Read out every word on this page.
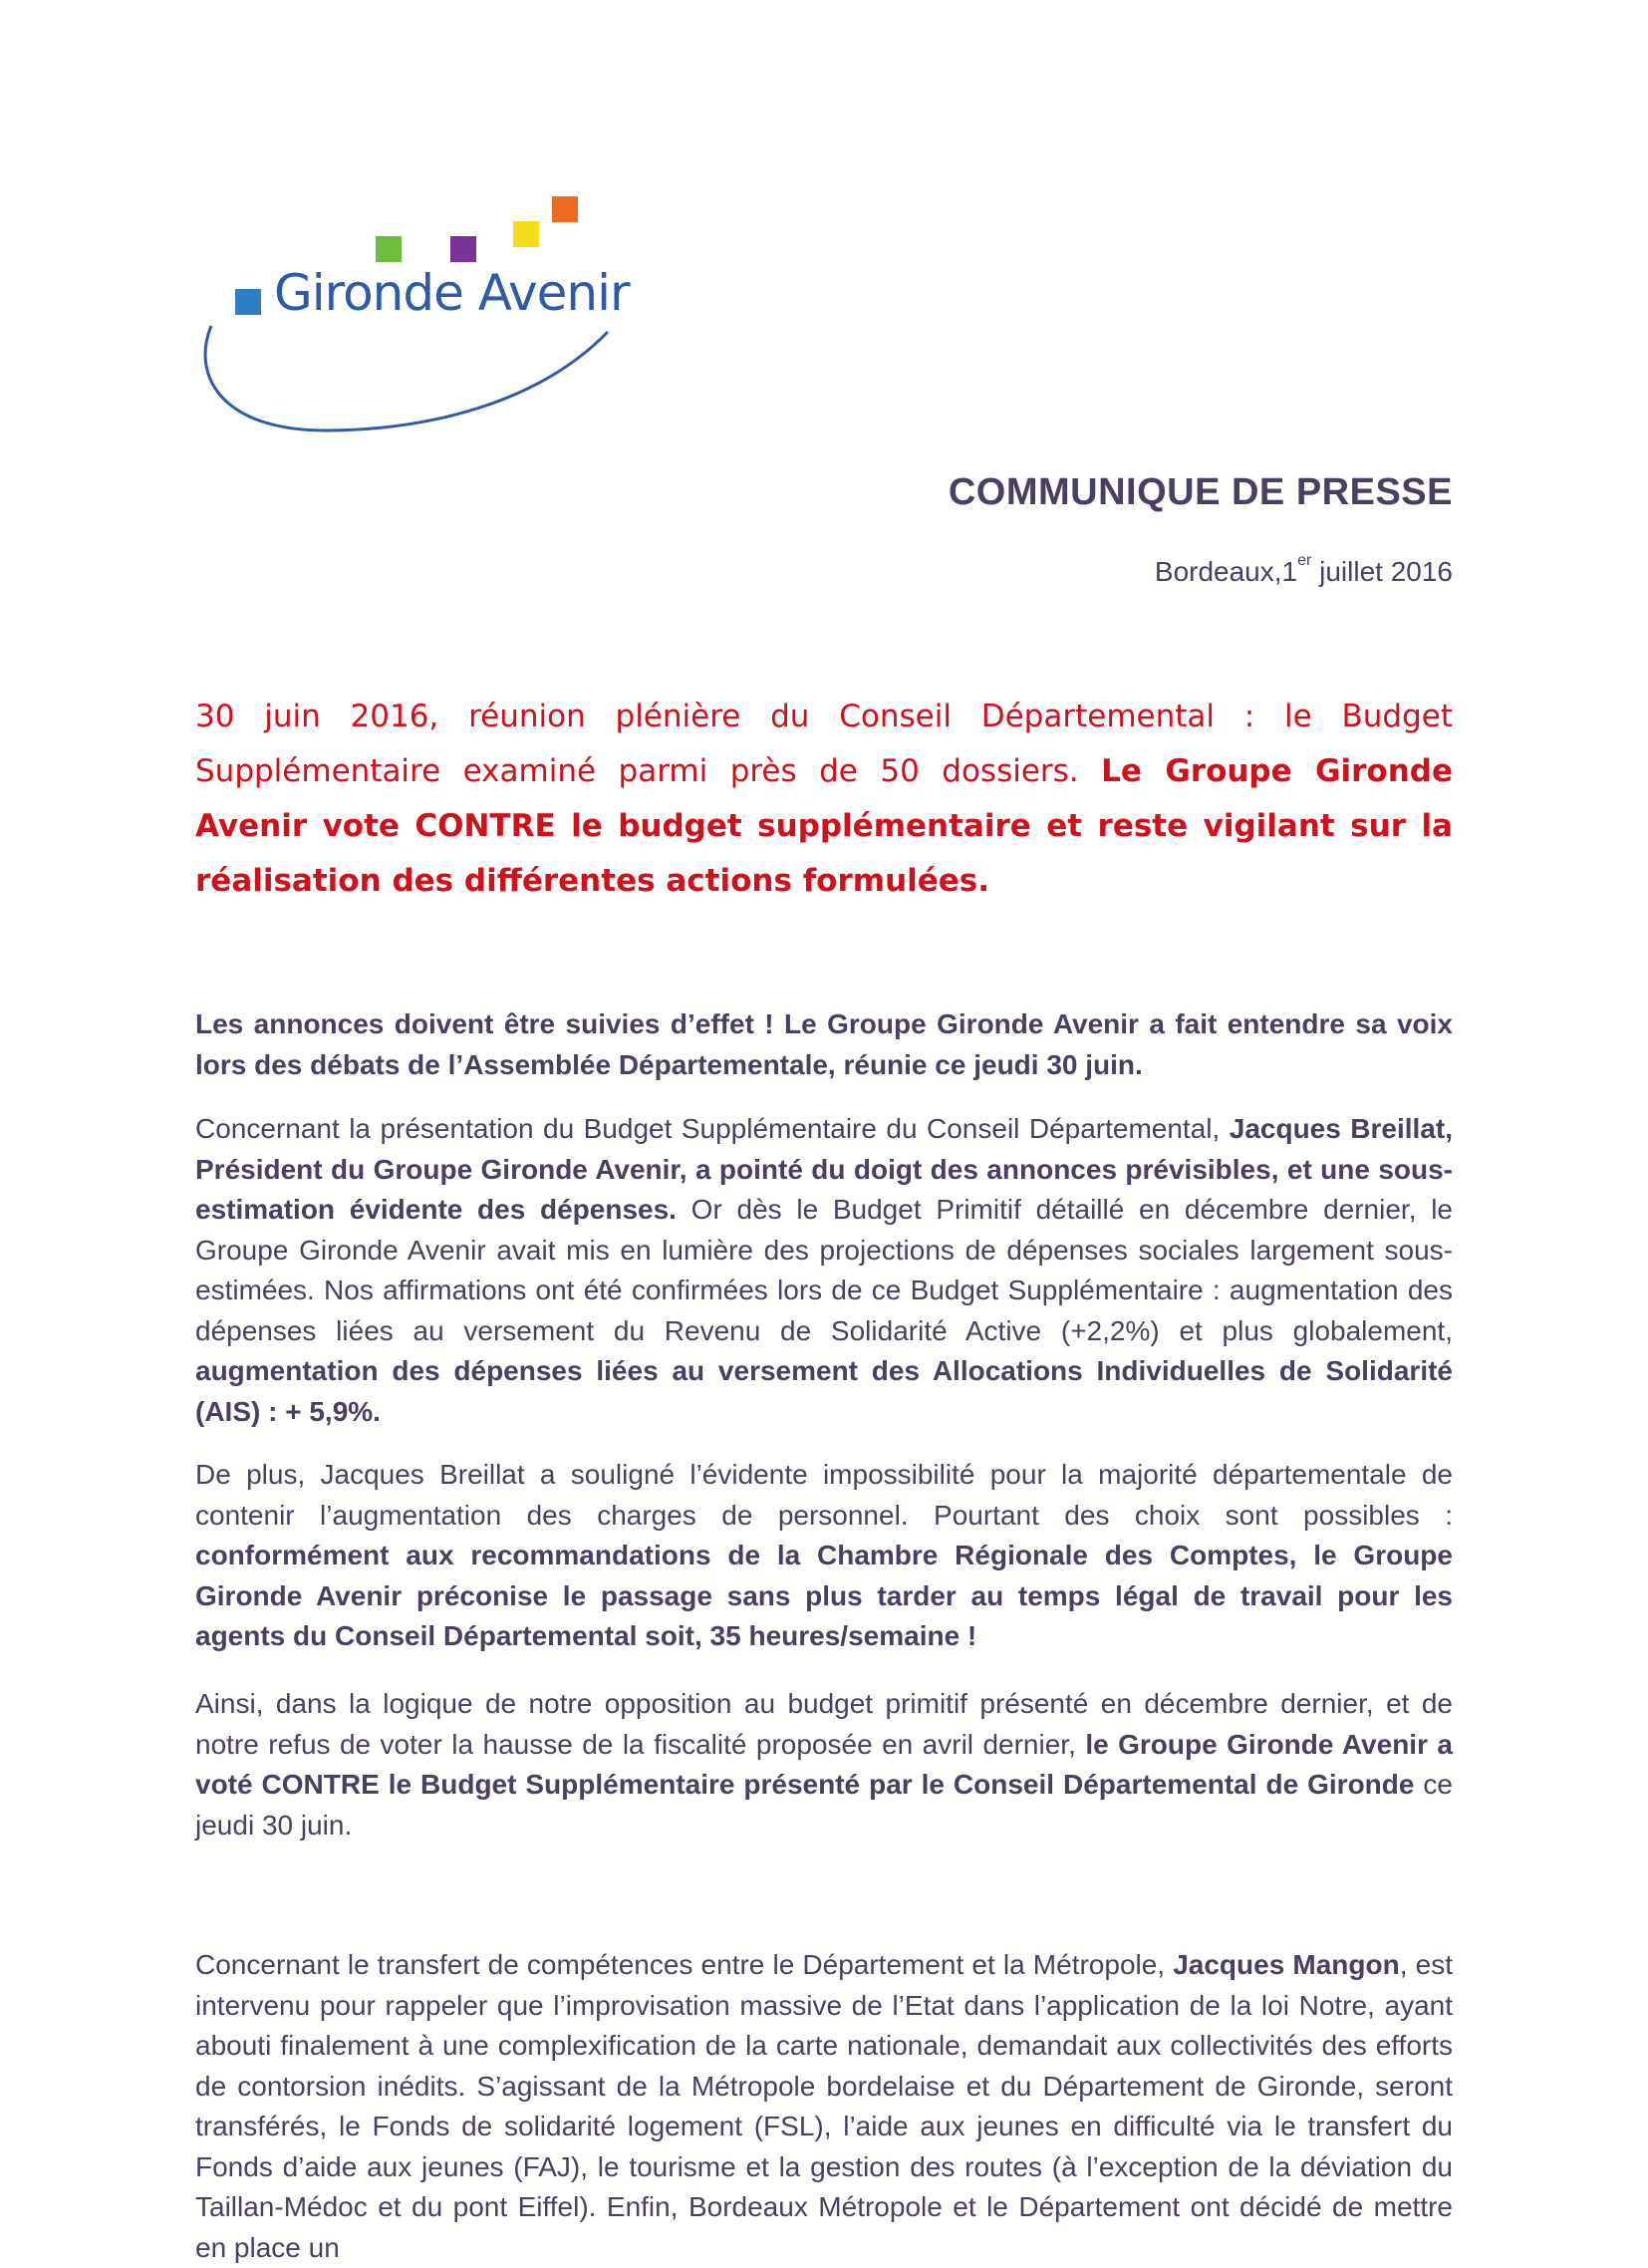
Gironde Avenir
COMMUNIQUE DE PRESSE
Bordeaux,1er juillet 2016
30 juin 2016, réunion plénière du Conseil Départemental : le Budget Supplémentaire examiné parmi près de 50 dossiers. Le Groupe Gironde Avenir vote CONTRE le budget supplémentaire et reste vigilant sur la réalisation des différentes actions formulées.

Les annonces doivent être suivies d’effet ! Le Groupe Gironde Avenir a fait entendre sa voix lors des débats de l’Assemblée Départementale, réunie ce jeudi 30 juin.

Concernant la présentation du Budget Supplémentaire du Conseil Départemental, Jacques Breillat, Président du Groupe Gironde Avenir, a pointé du doigt des annonces prévisibles, et une sous-estimation évidente des dépenses. Or dès le Budget Primitif détaillé en décembre dernier, le Groupe Gironde Avenir avait mis en lumière des projections de dépenses sociales largement sous-estimées. Nos affirmations ont été confirmées lors de ce Budget Supplémentaire : augmentation des dépenses liées au versement du Revenu de Solidarité Active (+2,2%) et plus globalement, augmentation des dépenses liées au versement des Allocations Individuelles de Solidarité (AIS) : + 5,9%.

De plus, Jacques Breillat a souligné l’évidente impossibilité pour la majorité départementale de contenir l’augmentation des charges de personnel. Pourtant des choix sont possibles : conformément aux recommandations de la Chambre Régionale des Comptes, le Groupe Gironde Avenir préconise le passage sans plus tarder au temps légal de travail pour les agents du Conseil Départemental soit, 35 heures/semaine !

Ainsi, dans la logique de notre opposition au budget primitif présenté en décembre dernier, et de notre refus de voter la hausse de la fiscalité proposée en avril dernier, le Groupe Gironde Avenir a voté CONTRE le Budget Supplémentaire présenté par le Conseil Départemental de Gironde ce jeudi 30 juin.

Concernant le transfert de compétences entre le Département et la Métropole, Jacques Mangon, est intervenu pour rappeler que l’improvisation massive de l’Etat dans l’application de la loi Notre, ayant abouti finalement à une complexification de la carte nationale, demandait aux collectivités des efforts de contorsion inédits. S’agissant de la Métropole bordelaise et du Département de Gironde, seront transférés, le Fonds de solidarité logement (FSL), l’aide aux jeunes en difficulté via le transfert du Fonds d’aide aux jeunes (FAJ), le tourisme et la gestion des routes (à l’exception de la déviation du Taillan-Médoc et du pont Eiffel). Enfin, Bordeaux Métropole et le Département ont décidé de mettre en place un
